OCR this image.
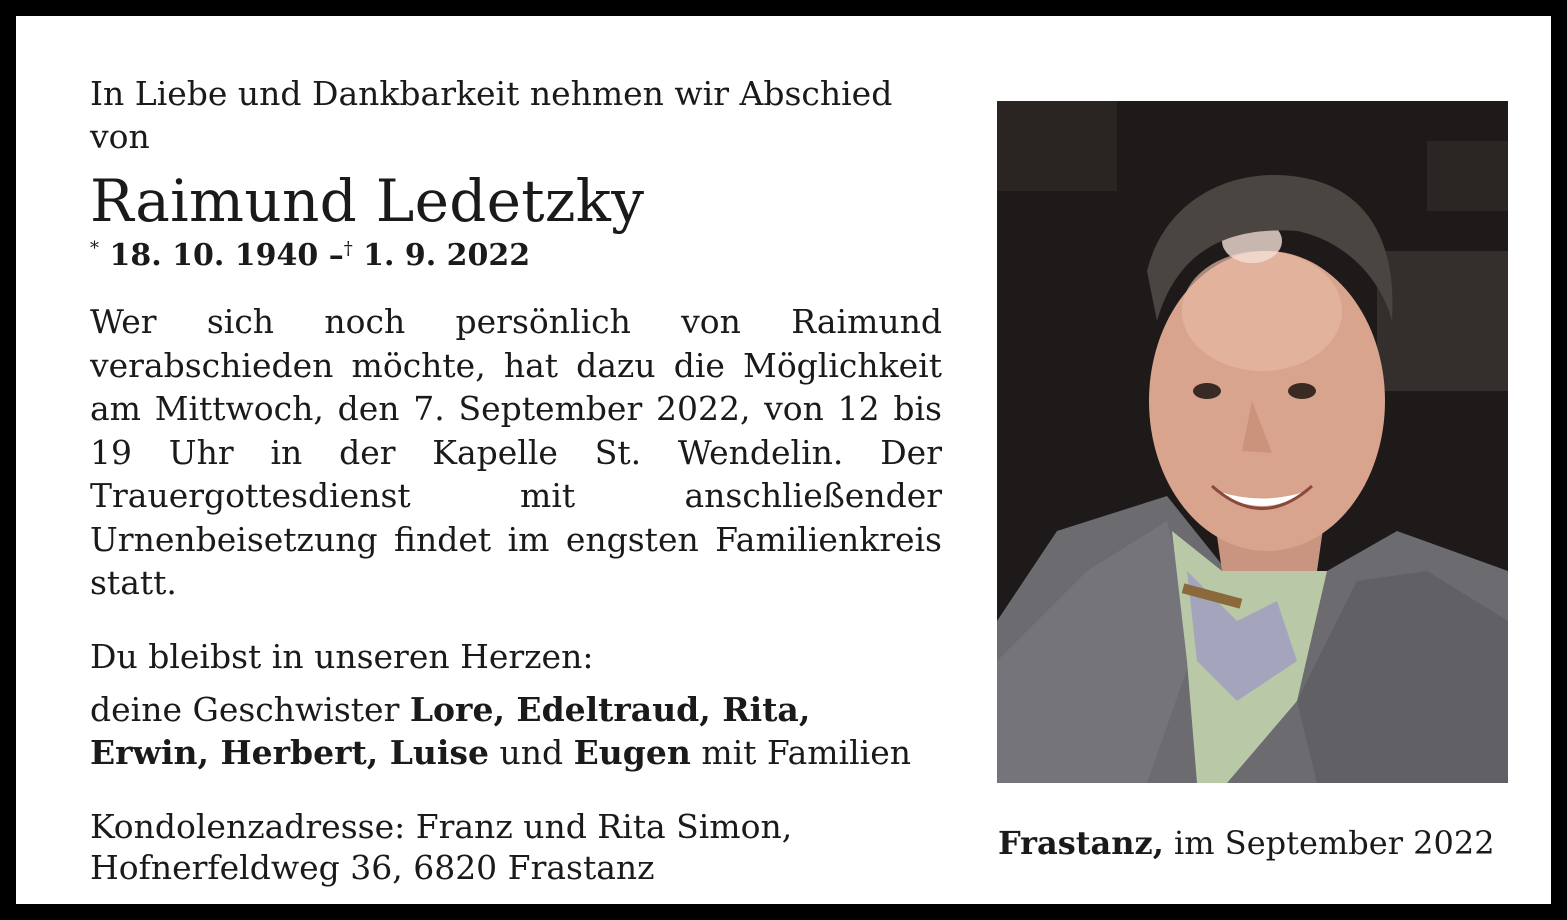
In Liebe und Dankbarkeit nehmen wir Abschied von

Raimund Ledetzky

* 18. 10. 1940 –† 1. 9. 2022

Wer sich noch persönlich von Raimund verabschieden möchte, hat dazu die Möglichkeit am Mittwoch, den 7. September 2022, von 12 bis 19 Uhr in der Kapelle St. Wendelin. Der Trauergottesdienst mit anschließender Urnenbeisetzung findet im engsten Familienkreis statt.

Du bleibst in unseren Herzen:

deine Geschwister Lore, Edeltraud, Rita,
Erwin, Herbert, Luise und Eugen mit Familien

Kondolenzadresse: Franz und Rita Simon,
Hofnerfeldweg 36, 6820 Frastanz

Frastanz, im September 2022
